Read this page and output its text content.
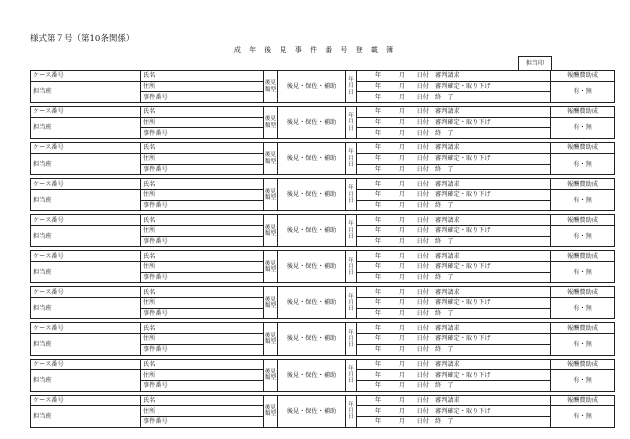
様式第７号（第10条関係）
成 年 後 見 事 件 番 号 登 載 簿
担当印
ケース番号	氏名	後見類型	後見・保佐・補助	年月日	年 月 日付 審判請求	報酬費助成
担当班	住所				年 月 日付 審判確定・取り下げ	有・無
	事件番号				年 月 日付 終　了	

ケース番号	氏名	後見類型	後見・保佐・補助	年月日	年 月 日付 審判請求	報酬費助成
担当班	住所				年 月 日付 審判確定・取り下げ	有・無
	事件番号				年 月 日付 終　了	

ケース番号	氏名	後見類型	後見・保佐・補助	年月日	年 月 日付 審判請求	報酬費助成
担当班	住所				年 月 日付 審判確定・取り下げ	有・無
	事件番号				年 月 日付 終　了	

ケース番号	氏名	後見類型	後見・保佐・補助	年月日	年 月 日付 審判請求	報酬費助成
担当班	住所				年 月 日付 審判確定・取り下げ	有・無
	事件番号				年 月 日付 終　了	

ケース番号	氏名	後見類型	後見・保佐・補助	年月日	年 月 日付 審判請求	報酬費助成
担当班	住所				年 月 日付 審判確定・取り下げ	有・無
	事件番号				年 月 日付 終　了	

ケース番号	氏名	後見類型	後見・保佐・補助	年月日	年 月 日付 審判請求	報酬費助成
担当班	住所				年 月 日付 審判確定・取り下げ	有・無
	事件番号				年 月 日付 終　了	

ケース番号	氏名	後見類型	後見・保佐・補助	年月日	年 月 日付 審判請求	報酬費助成
担当班	住所				年 月 日付 審判確定・取り下げ	有・無
	事件番号				年 月 日付 終　了	

ケース番号	氏名	後見類型	後見・保佐・補助	年月日	年 月 日付 審判請求	報酬費助成
担当班	住所				年 月 日付 審判確定・取り下げ	有・無
	事件番号				年 月 日付 終　了	

ケース番号	氏名	後見類型	後見・保佐・補助	年月日	年 月 日付 審判請求	報酬費助成
担当班	住所				年 月 日付 審判確定・取り下げ	有・無
	事件番号				年 月 日付 終　了	

ケース番号	氏名	後見類型	後見・保佐・補助	年月日	年 月 日付 審判請求	報酬費助成
担当班	住所				年 月 日付 審判確定・取り下げ	有・無
	事件番号				年 月 日付 終　了	
